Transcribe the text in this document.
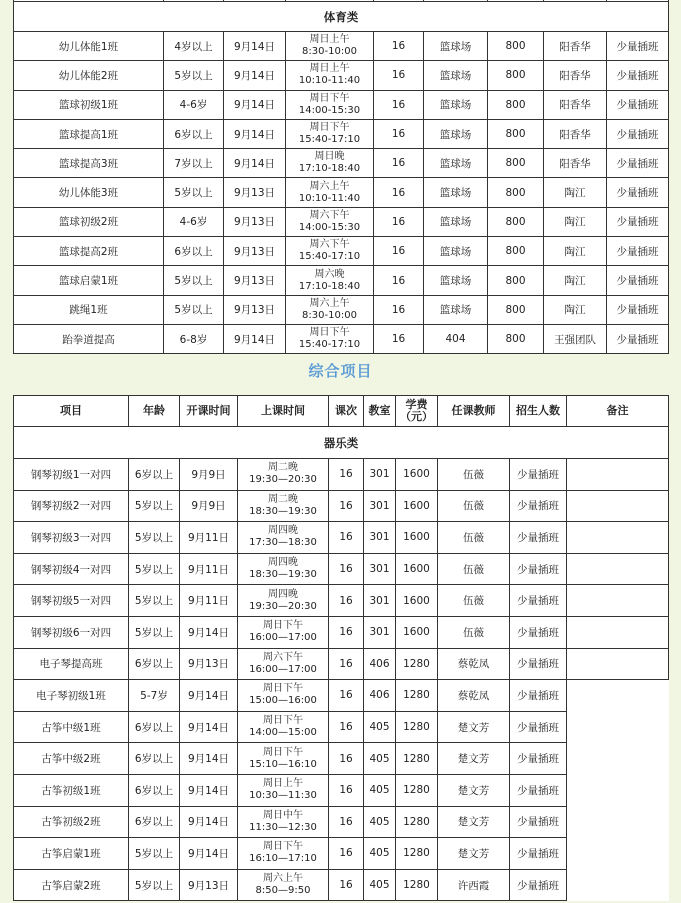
体育类								
幼儿体能1班	4岁以上	9月14日	周日上午
8:30-10:00	16	篮球场	800	阳香华	少量插班
幼儿体能2班	5岁以上	9月14日	周日上午
10:10-11:40	16	篮球场	800	阳香华	少量插班
篮球初级1班	4-6岁	9月14日	周日下午
14:00-15:30	16	篮球场	800	阳香华	少量插班
篮球提高1班	6岁以上	9月14日	周日下午
15:40-17:10	16	篮球场	800	阳香华	少量插班
篮球提高3班	7岁以上	9月14日	周日晚
17:10-18:40	16	篮球场	800	阳香华	少量插班
幼儿体能3班	5岁以上	9月13日	周六上午
10:10-11:40	16	篮球场	800	陶江	少量插班
篮球初级2班	4-6岁	9月13日	周六下午
14:00-15:30	16	篮球场	800	陶江	少量插班
篮球提高2班	6岁以上	9月13日	周六下午
15:40-17:10	16	篮球场	800	陶江	少量插班
篮球启蒙1班	5岁以上	9月13日	周六晚
17:10-18:40	16	篮球场	800	陶江	少量插班
跳绳1班	5岁以上	9月13日	周六上午
8:30-10:00	16	篮球场	800	陶江	少量插班
跆拳道提高	6-8岁	9月14日	周日下午
15:40-17:10	16	404	800	王强团队	少量插班
综合项目
项目	年龄	开课时间	上课时间	课次	教室	学费
（元）	任课教师	招生人数	备注
器乐类									
钢琴初级1一对四	6岁以上	9月9日	周二晚
19:30—20:30	16	301	1600	伍薇	少量插班	
钢琴初级2一对四	5岁以上	9月9日	周二晚
18:30—19:30	16	301	1600	伍薇	少量插班	
钢琴初级3一对四	5岁以上	9月11日	周四晚
17:30—18:30	16	301	1600	伍薇	少量插班	
钢琴初级4一对四	5岁以上	9月11日	周四晚
18:30—19:30	16	301	1600	伍薇	少量插班	
钢琴初级5一对四	5岁以上	9月11日	周四晚
19:30—20:30	16	301	1600	伍薇	少量插班	
钢琴初级6一对四	5岁以上	9月14日	周日下午
16:00—17:00	16	301	1600	伍薇	少量插班	
电子琴提高班	6岁以上	9月13日	周六下午
16:00—17:00	16	406	1280	蔡乾凤	少量插班	
电子琴初级1班	5-7岁	9月14日	周日下午
15:00—16:00	16	406	1280	蔡乾凤	少量插班	
古筝中级1班	6岁以上	9月14日	周日下午
14:00—15:00	16	405	1280	楚文芳	少量插班	
古筝中级2班	6岁以上	9月14日	周日下午
15:10—16:10	16	405	1280	楚文芳	少量插班	
古筝初级1班	6岁以上	9月14日	周日上午
10:30—11:30	16	405	1280	楚文芳	少量插班	
古筝初级2班	6岁以上	9月14日	周日中午
11:30—12:30	16	405	1280	楚文芳	少量插班	
古筝启蒙1班	5岁以上	9月14日	周日下午
16:10—17:10	16	405	1280	楚文芳	少量插班	
古筝启蒙2班	5岁以上	9月13日	周六上午
8:50—9:50	16	405	1280	许西霞	少量插班	
